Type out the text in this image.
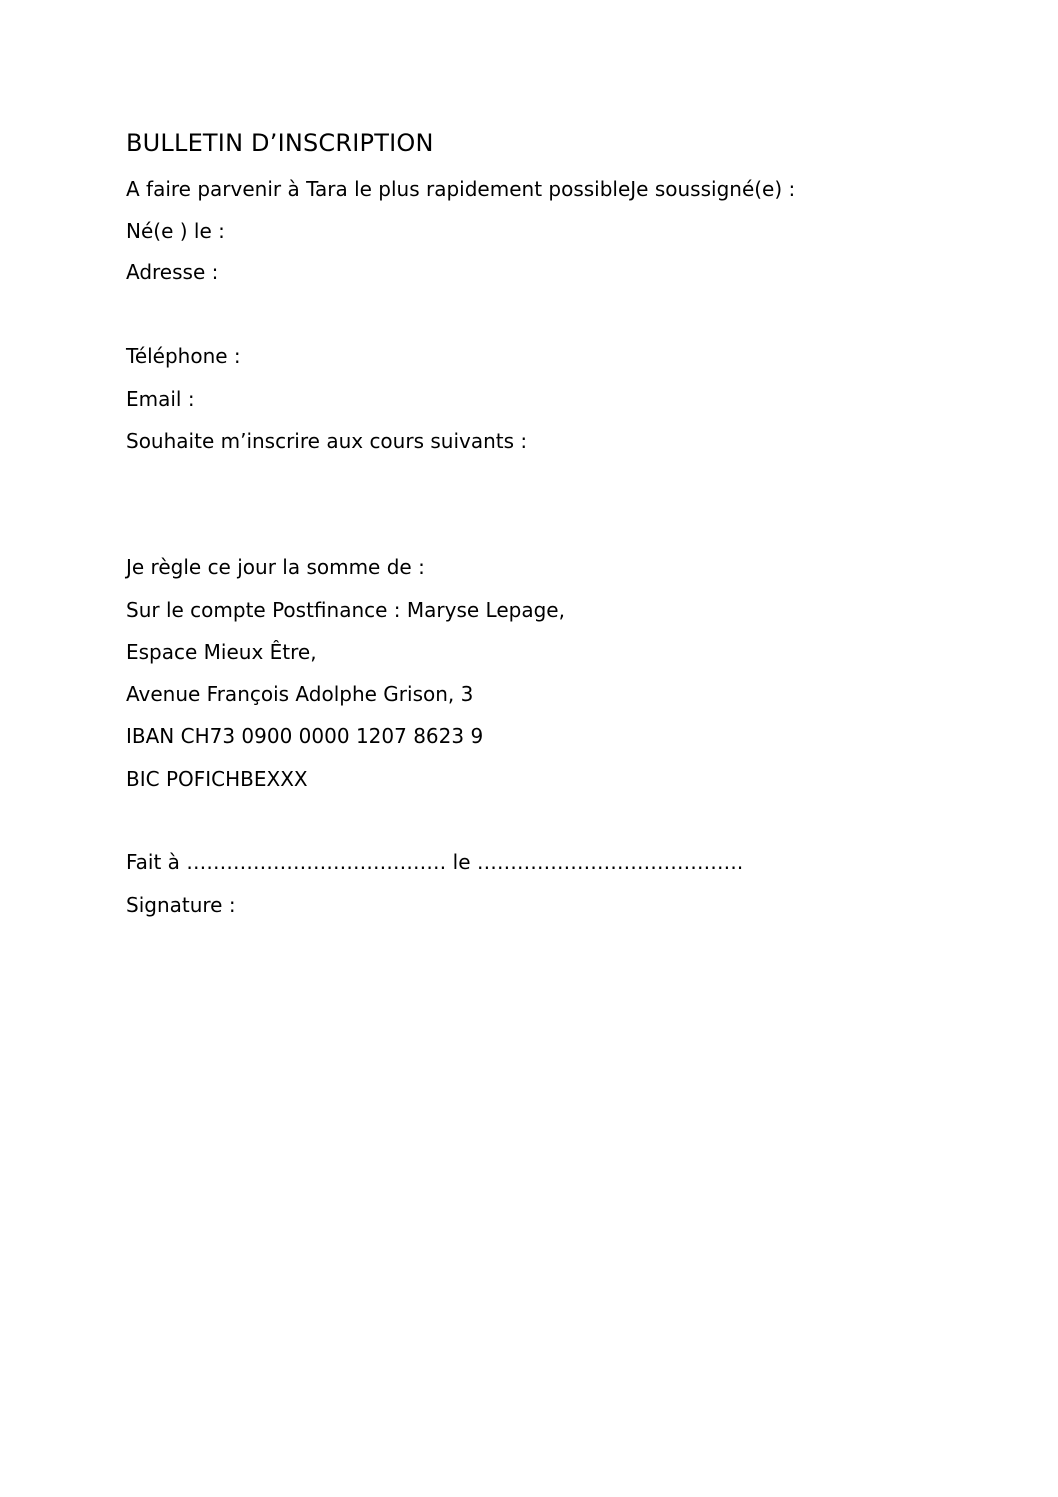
BULLETIN D’INSCRIPTION
A faire parvenir à Tara le plus rapidement possibleJe soussigné(e) :
Né(e ) le :
Adresse :
Téléphone :
Email :
Souhaite m’inscrire aux cours suivants :
Je règle ce jour la somme de :
Sur le compte Postfinance : Maryse Lepage,
Espace Mieux Être,
Avenue François Adolphe Grison, 3
IBAN CH73 0900 0000 1207 8623 9
BIC POFICHBEXXX
Fait à ………………………………… le ………………………………….
Signature :
